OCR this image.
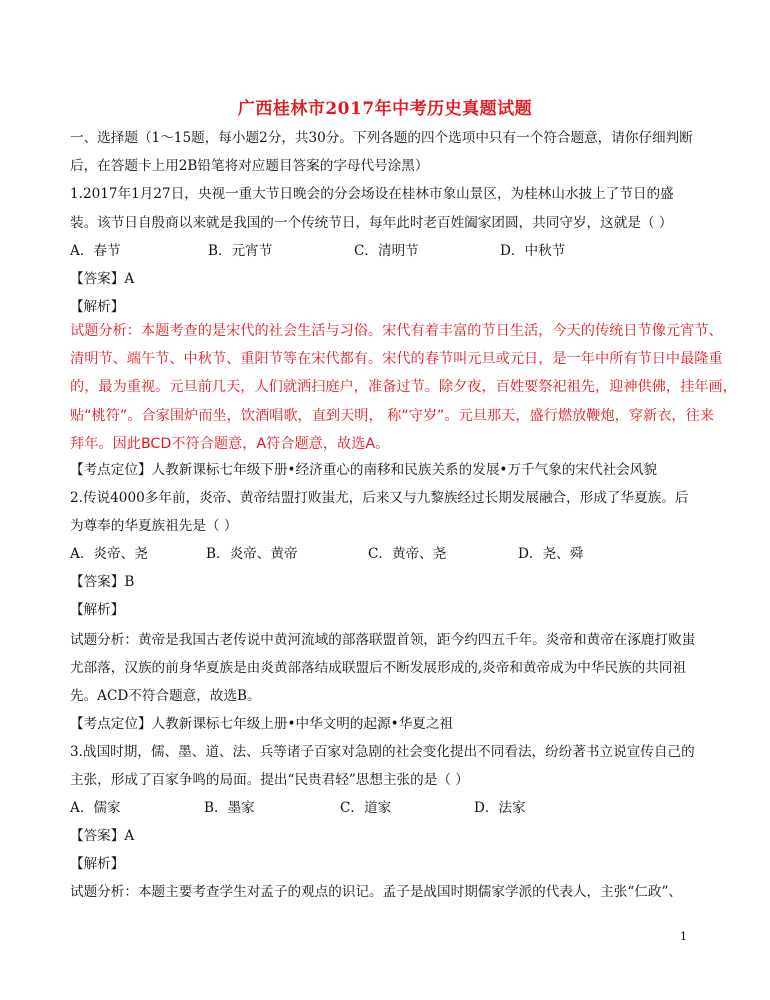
广西桂林市2017年中考历史真题试题
一、选择题（1～15题，每小题2分，共30分。下列各题的四个选项中只有一个符合题意，请你仔细判断
后，在答题卡上用2B铅笔将对应题目答案的字母代号涂黑）
1.2017年1月27日，央视一重大节日晚会的分会场设在桂林市象山景区，为桂林山水披上了节日的盛
装。该节日自殷商以来就是我国的一个传统节日，每年此时老百姓阖家团圆，共同守岁，这就是（ ）
A．春节	B．元宵节	C．清明节	D．中秋节
【答案】A
【解析】
试题分析：本题考查的是宋代的社会生活与习俗。宋代有着丰富的节日生活，今天的传统日节像元宵节、
清明节、端午节、中秋节、重阳节等在宋代都有。宋代的春节叫元旦或元日，是一年中所有节日中最隆重
的，最为重视。元旦前几天，人们就洒扫庭户，准备过节。除夕夜，百姓要祭祀祖先，迎神供佛，挂年画，
贴“桃符”。合家围炉而坐，饮酒唱歌，直到天明， 称“守岁”。元旦那天，盛行燃放鞭炮，穿新衣，往来
拜年。因此BCD不符合题意，A符合题意，故选A。
【考点定位】人教新课标七年级下册•经济重心的南移和民族关系的发展•万千气象的宋代社会风貌
2.传说4000多年前，炎帝、黄帝结盟打败蚩尤，后来又与九黎族经过长期发展融合，形成了华夏族。后
为尊奉的华夏族祖先是（ ）
A．炎帝、尧	B．炎帝、黄帝	C．黄帝、尧	D．尧、舜
【答案】B
【解析】
试题分析：黄帝是我国古老传说中黄河流域的部落联盟首领，距今约四五千年。炎帝和黄帝在涿鹿打败蚩
尤部落，汉族的前身华夏族是由炎黄部落结成联盟后不断发展形成的,炎帝和黄帝成为中华民族的共同祖
先。ACD不符合题意，故选B。
【考点定位】人教新课标七年级上册•中华文明的起源•华夏之祖
3.战国时期，儒、墨、道、法、兵等诸子百家对急剧的社会变化提出不同看法，纷纷著书立说宣传自己的
主张，形成了百家争鸣的局面。提出“民贵君轻”思想主张的是（ ）
A．儒家	B．墨家	C．道家	D．法家
【答案】A
【解析】
试题分析：本题主要考查学生对孟子的观点的识记。孟子是战国时期儒家学派的代表人，主张“仁政”、
1
